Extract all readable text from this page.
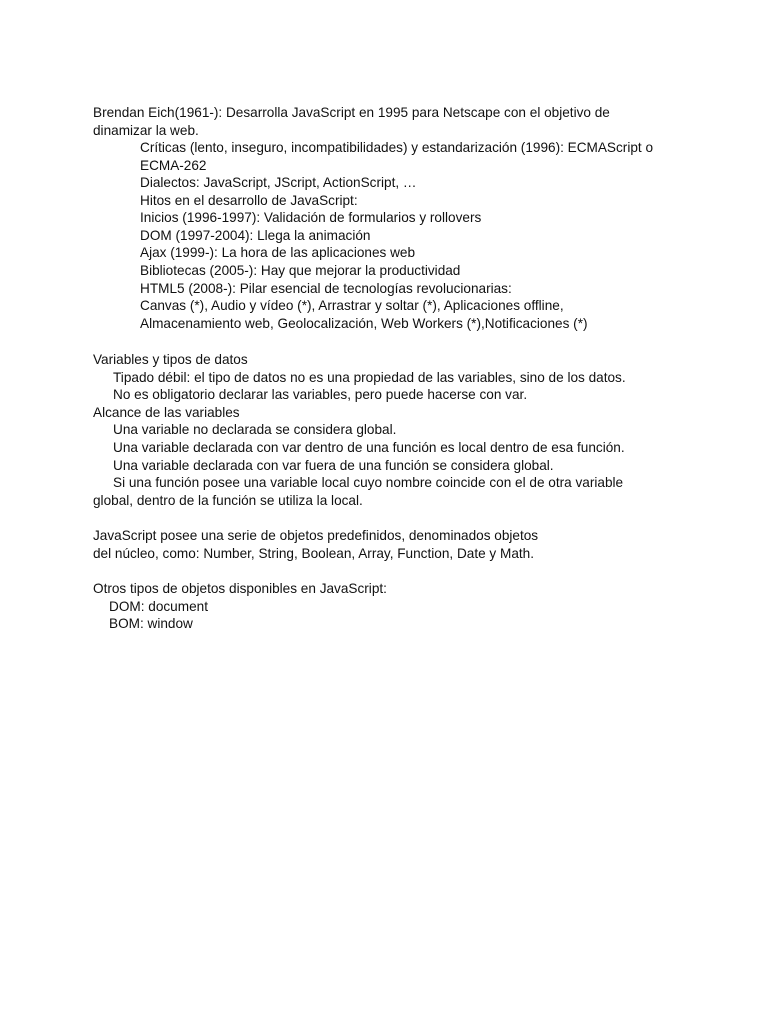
Brendan Eich(1961-): Desarrolla JavaScript en 1995 para Netscape con el objetivo de dinamizar la web.
Críticas (lento, inseguro, incompatibilidades) y estandarización (1996): ECMAScript o ECMA-262
Dialectos: JavaScript, JScript, ActionScript, …
Hitos en el desarrollo de JavaScript:
Inicios (1996-1997): Validación de formularios y rollovers
DOM (1997-2004): Llega la animación
Ajax (1999-): La hora de las aplicaciones web
Bibliotecas (2005-): Hay que mejorar la productividad
HTML5 (2008-): Pilar esencial de tecnologías revolucionarias:
Canvas (*), Audio y vídeo (*), Arrastrar y soltar (*), Aplicaciones offline, Almacenamiento web, Geolocalización, Web Workers (*),Notificaciones (*)
Variables y tipos de datos
Tipado débil: el tipo de datos no es una propiedad de las variables, sino de los datos.
No es obligatorio declarar las variables, pero puede hacerse con var.
Alcance de las variables
Una variable no declarada se considera global.
Una variable declarada con var dentro de una función es local dentro de esa función.
Una variable declarada con var fuera de una función se considera global.
Si una función posee una variable local cuyo nombre coincide con el de otra variable global, dentro de la función se utiliza la local.
JavaScript posee una serie de objetos predefinidos, denominados objetos
del núcleo, como: Number, String, Boolean, Array, Function, Date y Math.
Otros tipos de objetos disponibles en JavaScript:
DOM: document
BOM: window
